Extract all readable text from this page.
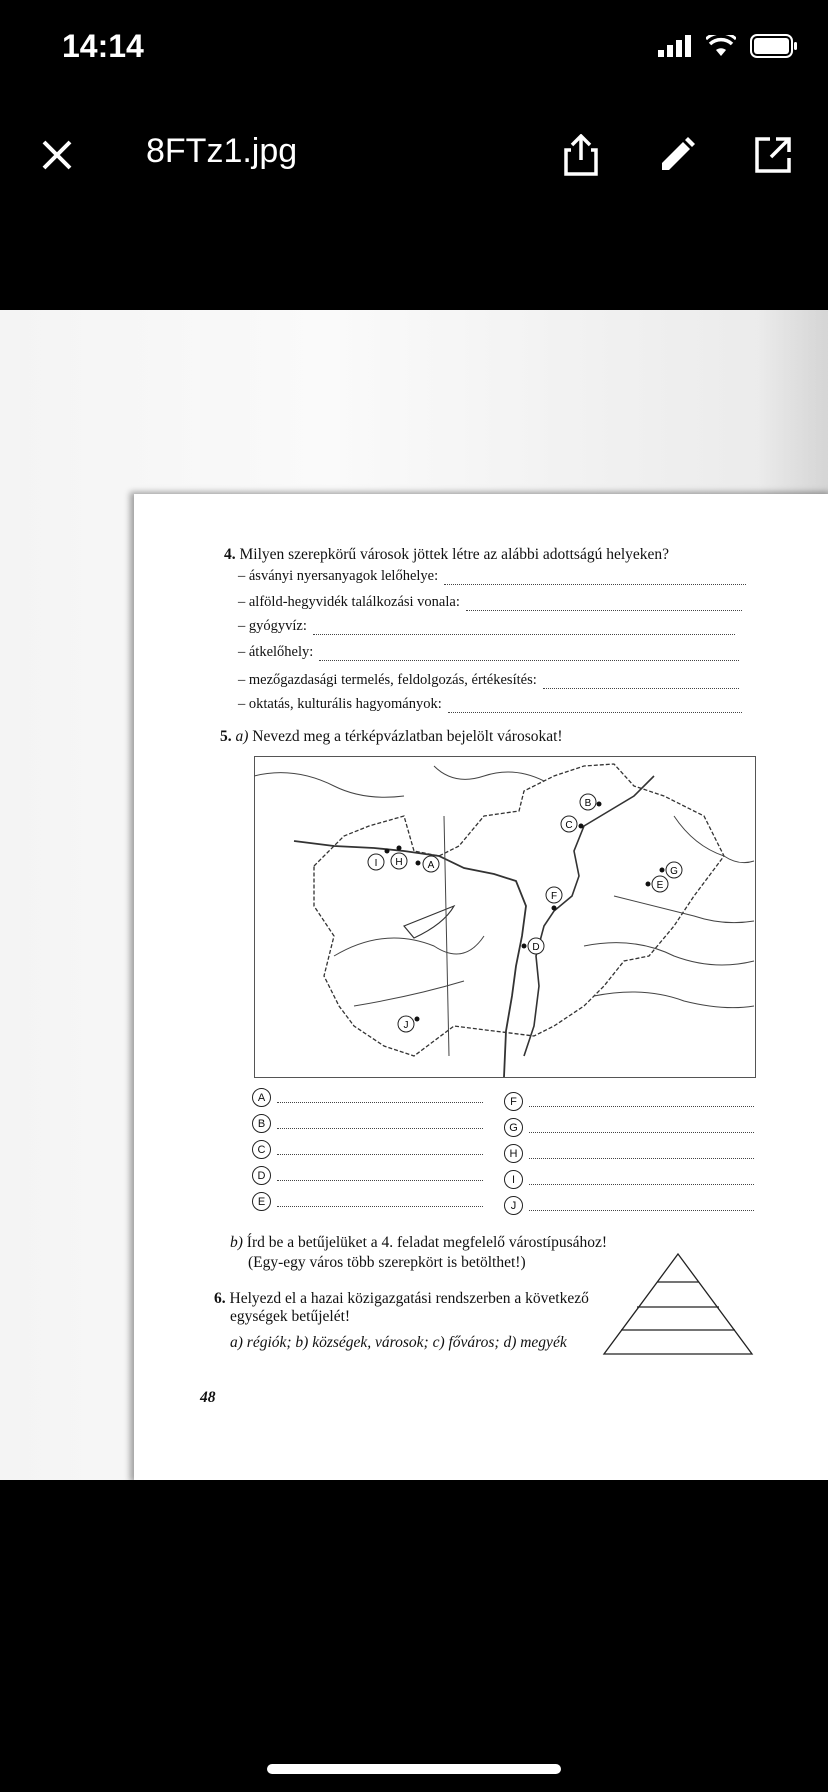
14:14
8FTz1.jpg
4. Milyen szerepkörű városok jöttek létre az alábbi adottságú helyeken?
– ásványi nyersanyagok lelőhelye:
– alföld-hegyvidék találkozási vonala:
– gyógyvíz:
– átkelőhely:
– mezőgazdasági termelés, feldolgozás, értékesítés:
– oktatás, kulturális hagyományok:
5. a) Nevezd meg a térképvázlatban bejelölt városokat!
A
B
C
D
E
F
G
H
I
J
A
B
C
D
E
F
G
H
I
J
b) Írd be a betűjelüket a 4. feladat megfelelő várostípusához!
(Egy-egy város több szerepkört is betölthet!)
6. Helyezd el a hazai közigazgatási rendszerben a következő
egységek betűjelét!
a) régiók; b) községek, városok; c) főváros; d) megyék
48
